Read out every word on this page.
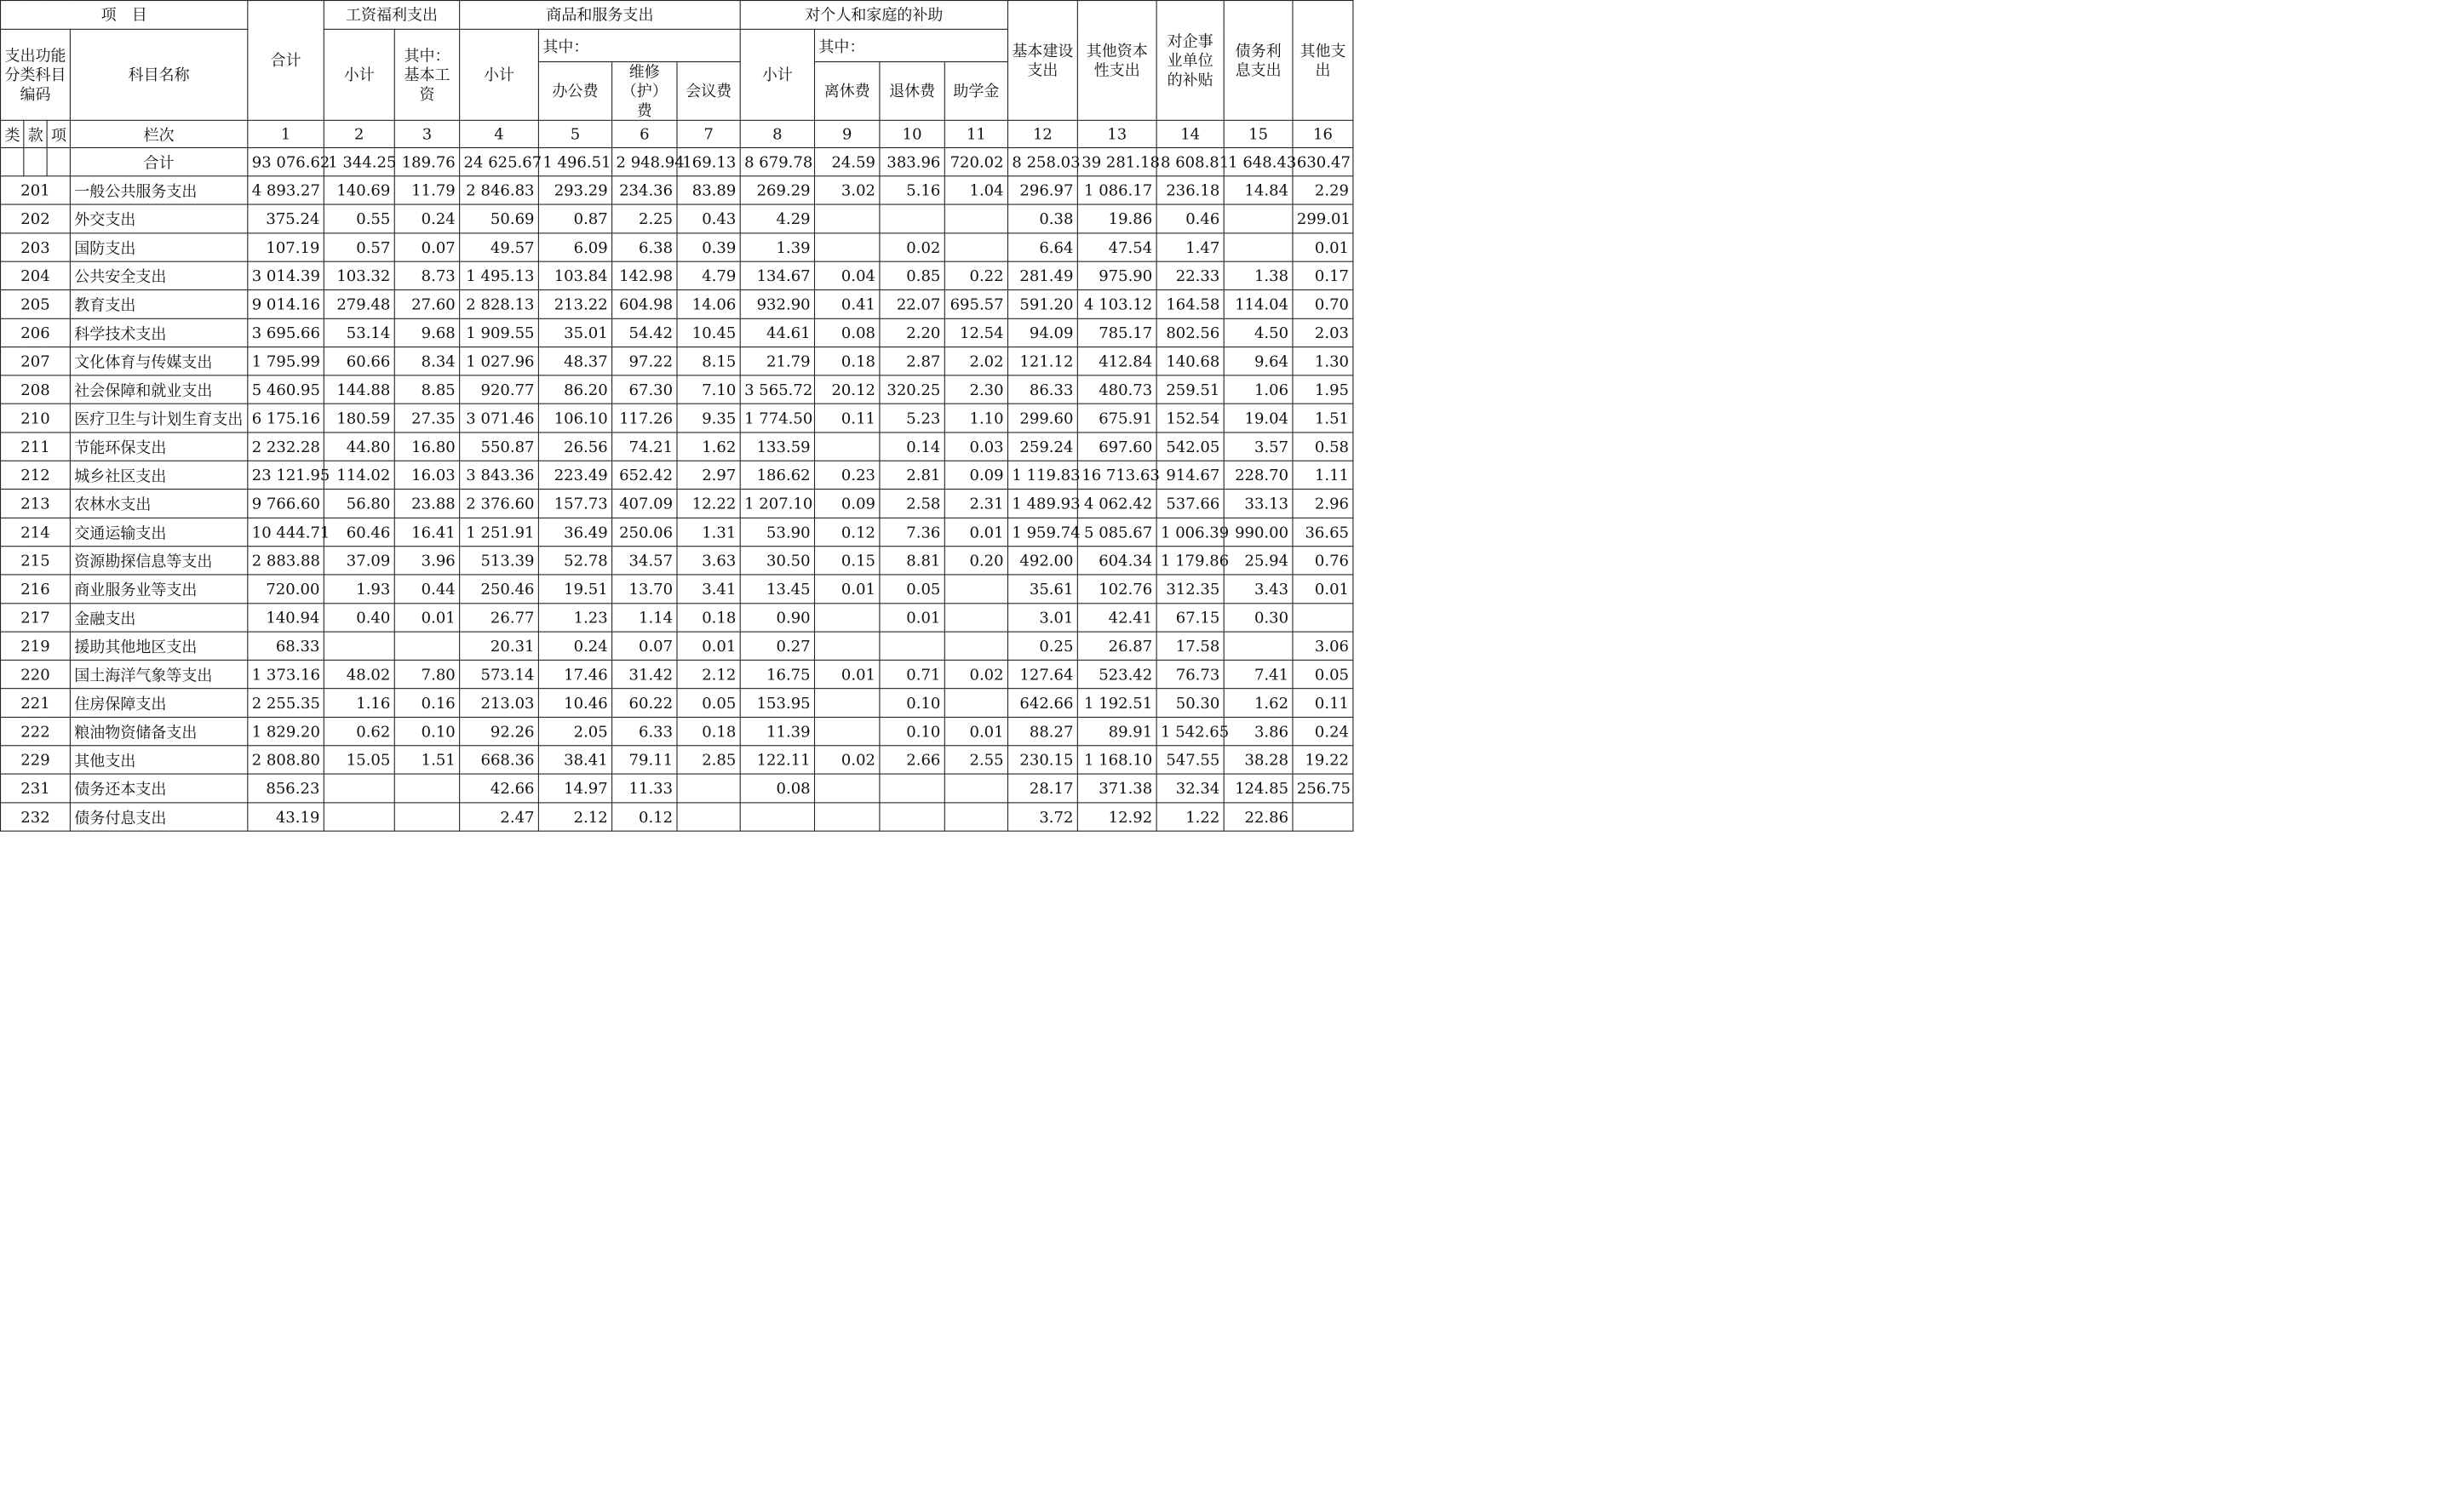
项　目				合计	工资福利支出		商品和服务支出				对个人和家庭的补助				基本建设支出	其他资本性支出	对企事业单位的补贴	债务利息支出	其他支出
支出功能分类科目编码			科目名称		小计	其中：基本工资	小计	其中：			小计	其中：							
								办公费	维修（护）费	会议费		离休费	退休费	助学金					

类	款	项	栏次	1	2	3	4	5	6	7	8	9	10	11	12	13	14	15	16
			合计	93 076.62	1 344.25	189.76	24 625.67	1 496.51	2 948.94	169.13	8 679.78	24.59	383.96	720.02	8 258.03	39 281.18	8 608.81	1 648.43	630.47
201			一般公共服务支出	4 893.27	140.69	11.79	2 846.83	293.29	234.36	83.89	269.29	3.02	5.16	1.04	296.97	1 086.17	236.18	14.84	2.29
202			外交支出	375.24	0.55	0.24	50.69	0.87	2.25	0.43	4.29				0.38	19.86	0.46		299.01
203			国防支出	107.19	0.57	0.07	49.57	6.09	6.38	0.39	1.39		0.02		6.64	47.54	1.47		0.01
204			公共安全支出	3 014.39	103.32	8.73	1 495.13	103.84	142.98	4.79	134.67	0.04	0.85	0.22	281.49	975.90	22.33	1.38	0.17
205			教育支出	9 014.16	279.48	27.60	2 828.13	213.22	604.98	14.06	932.90	0.41	22.07	695.57	591.20	4 103.12	164.58	114.04	0.70
206			科学技术支出	3 695.66	53.14	9.68	1 909.55	35.01	54.42	10.45	44.61	0.08	2.20	12.54	94.09	785.17	802.56	4.50	2.03
207			文化体育与传媒支出	1 795.99	60.66	8.34	1 027.96	48.37	97.22	8.15	21.79	0.18	2.87	2.02	121.12	412.84	140.68	9.64	1.30
208			社会保障和就业支出	5 460.95	144.88	8.85	920.77	86.20	67.30	7.10	3 565.72	20.12	320.25	2.30	86.33	480.73	259.51	1.06	1.95
210			医疗卫生与计划生育支出	6 175.16	180.59	27.35	3 071.46	106.10	117.26	9.35	1 774.50	0.11	5.23	1.10	299.60	675.91	152.54	19.04	1.51
211			节能环保支出	2 232.28	44.80	16.80	550.87	26.56	74.21	1.62	133.59		0.14	0.03	259.24	697.60	542.05	3.57	0.58
212			城乡社区支出	23 121.95	114.02	16.03	3 843.36	223.49	652.42	2.97	186.62	0.23	2.81	0.09	1 119.83	16 713.63	914.67	228.70	1.11
213			农林水支出	9 766.60	56.80	23.88	2 376.60	157.73	407.09	12.22	1 207.10	0.09	2.58	2.31	1 489.93	4 062.42	537.66	33.13	2.96
214			交通运输支出	10 444.71	60.46	16.41	1 251.91	36.49	250.06	1.31	53.90	0.12	7.36	0.01	1 959.74	5 085.67	1 006.39	990.00	36.65
215			资源勘探信息等支出	2 883.88	37.09	3.96	513.39	52.78	34.57	3.63	30.50	0.15	8.81	0.20	492.00	604.34	1 179.86	25.94	0.76
216			商业服务业等支出	720.00	1.93	0.44	250.46	19.51	13.70	3.41	13.45	0.01	0.05		35.61	102.76	312.35	3.43	0.01
217			金融支出	140.94	0.40	0.01	26.77	1.23	1.14	0.18	0.90		0.01		3.01	42.41	67.15	0.30	
219			援助其他地区支出	68.33			20.31	0.24	0.07	0.01	0.27				0.25	26.87	17.58		3.06
220			国土海洋气象等支出	1 373.16	48.02	7.80	573.14	17.46	31.42	2.12	16.75	0.01	0.71	0.02	127.64	523.42	76.73	7.41	0.05
221			住房保障支出	2 255.35	1.16	0.16	213.03	10.46	60.22	0.05	153.95		0.10		642.66	1 192.51	50.30	1.62	0.11
222			粮油物资储备支出	1 829.20	0.62	0.10	92.26	2.05	6.33	0.18	11.39		0.10	0.01	88.27	89.91	1 542.65	3.86	0.24
229			其他支出	2 808.80	15.05	1.51	668.36	38.41	79.11	2.85	122.11	0.02	2.66	2.55	230.15	1 168.10	547.55	38.28	19.22
231			债务还本支出	856.23			42.66	14.97	11.33		0.08				28.17	371.38	32.34	124.85	256.75
232			债务付息支出	43.19			2.47	2.12	0.12						3.72	12.92	1.22	22.86	
